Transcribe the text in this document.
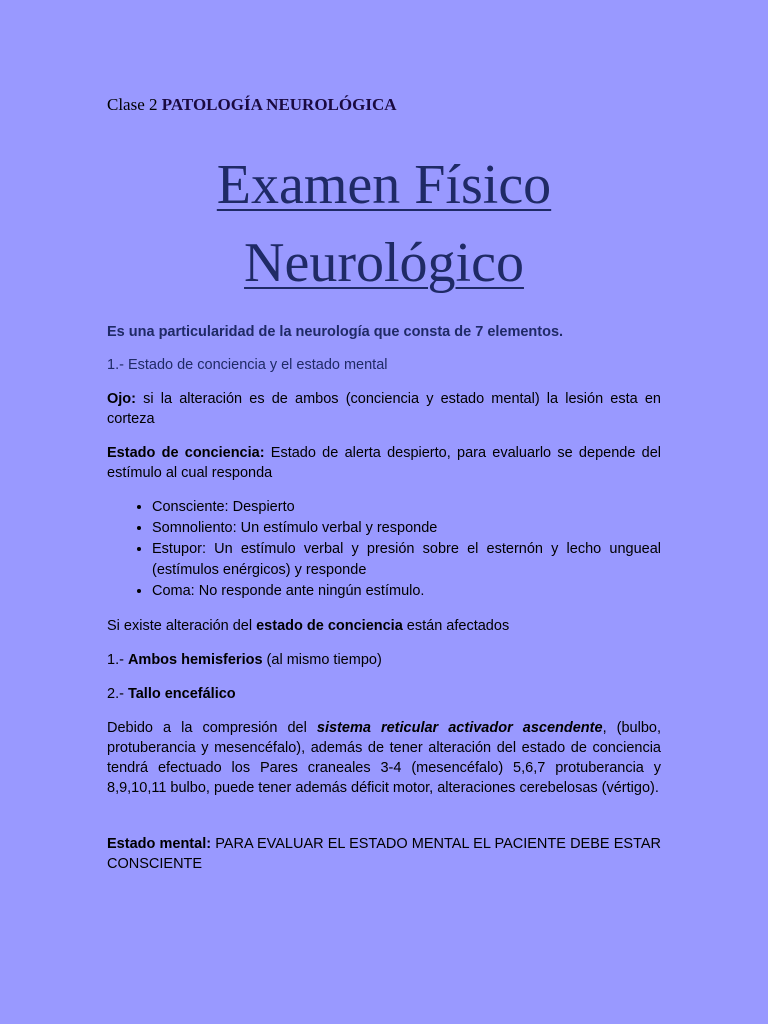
Clase 2 PATOLOGÍA NEUROLÓGICA
Examen Físico
Neurológico

Es una particularidad de la neurología que consta de 7 elementos.

1.- Estado de conciencia y el estado mental

Ojo: si la alteración es de ambos (conciencia y estado mental) la lesión esta en corteza

Estado de conciencia: Estado de alerta despierto, para evaluarlo se depende del estímulo al cual responda

• Consciente: Despierto
• Somnoliento: Un estímulo verbal y responde
• Estupor: Un estímulo verbal y presión sobre el esternón y lecho ungueal (estímulos enérgicos) y responde
• Coma: No responde ante ningún estímulo.

Si existe alteración del estado de conciencia están afectados

1.- Ambos hemisferios (al mismo tiempo)

2.- Tallo encefálico

Debido a la compresión del sistema reticular activador ascendente, (bulbo, protuberancia y mesencéfalo), además de tener alteración del estado de conciencia tendrá efectuado los Pares craneales 3-4 (mesencéfalo) 5,6,7 protuberancia y 8,9,10,11 bulbo, puede tener además déficit motor, alteraciones cerebelosas (vértigo).

Estado mental: PARA EVALUAR EL ESTADO MENTAL EL PACIENTE DEBE ESTAR CONSCIENTE
